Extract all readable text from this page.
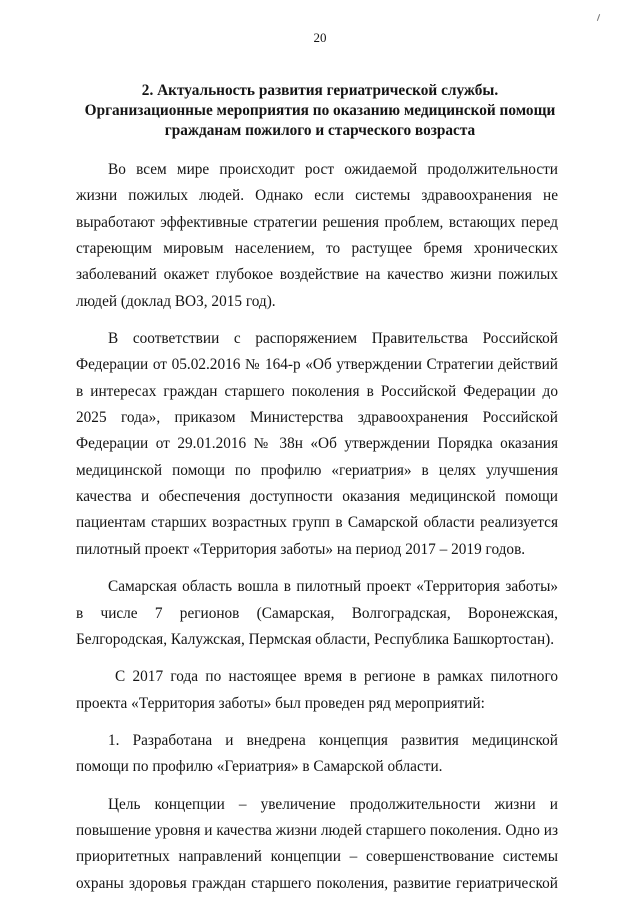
20
2. Актуальность развития гериатрической службы.
Организационные мероприятия по оказанию медицинской помощи
гражданам пожилого и старческого возраста

Во всем мире происходит рост ожидаемой продолжительности жизни пожилых людей. Однако если системы здравоохранения не выработают эффективные стратегии решения проблем, встающих перед стареющим мировым населением, то растущее бремя хронических заболеваний окажет глубокое воздействие на качество жизни пожилых людей (доклад ВОЗ, 2015 год).

В соответствии с распоряжением Правительства Российской Федерации от 05.02.2016 № 164-р «Об утверждении Стратегии действий в интересах граждан старшего поколения в Российской Федерации до 2025 года», приказом Министерства здравоохранения Российской Федерации от 29.01.2016 № 38н «Об утверждении Порядка оказания медицинской помощи по профилю «гериатрия» в целях улучшения качества и обеспечения доступности оказания медицинской помощи пациентам старших возрастных групп в Самарской области реализуется пилотный проект «Территория заботы» на период 2017 – 2019 годов.

Самарская область вошла в пилотный проект «Территория заботы» в числе 7 регионов (Самарская, Волгоградская, Воронежская, Белгородская, Калужская, Пермская области, Республика Башкортостан).

С 2017 года по настоящее время в регионе в рамках пилотного проекта «Территория заботы» был проведен ряд мероприятий:

1. Разработана и внедрена концепция развития медицинской помощи по профилю «Гериатрия» в Самарской области.

Цель концепции – увеличение продолжительности жизни и повышение уровня и качества жизни людей старшего поколения. Одно из приоритетных направлений концепции – совершенствование системы охраны здоровья граждан старшего поколения, развитие гериатрической
